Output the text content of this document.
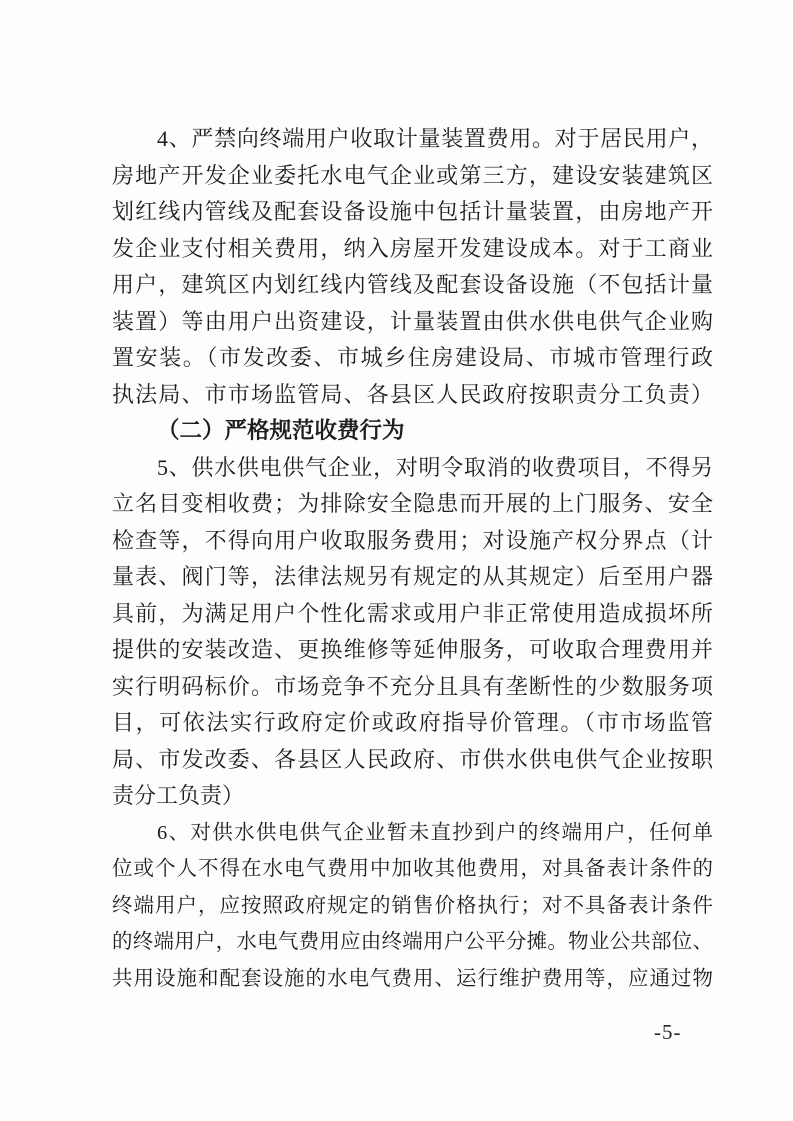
4、严禁向终端用户收取计量装置费用。对于居民用户，
房地产开发企业委托水电气企业或第三方，建设安装建筑区
划红线内管线及配套设备设施中包括计量装置，由房地产开
发企业支付相关费用，纳入房屋开发建设成本。对于工商业
用户，建筑区内划红线内管线及配套设备设施（不包括计量
装置）等由用户出资建设，计量装置由供水供电供气企业购
置安装。（市发改委、市城乡住房建设局、市城市管理行政
执法局、市市场监管局、各县区人民政府按职责分工负责）
（二）严格规范收费行为
5、供水供电供气企业，对明令取消的收费项目，不得另
立名目变相收费；为排除安全隐患而开展的上门服务、安全
检查等，不得向用户收取服务费用；对设施产权分界点（计
量表、阀门等，法律法规另有规定的从其规定）后至用户器
具前，为满足用户个性化需求或用户非正常使用造成损坏所
提供的安装改造、更换维修等延伸服务，可收取合理费用并
实行明码标价。市场竞争不充分且具有垄断性的少数服务项
目，可依法实行政府定价或政府指导价管理。（市市场监管
局、市发改委、各县区人民政府、市供水供电供气企业按职
责分工负责）
6、对供水供电供气企业暂未直抄到户的终端用户，任何单
位或个人不得在水电气费用中加收其他费用，对具备表计条件的
终端用户，应按照政府规定的销售价格执行；对不具备表计条件
的终端用户，水电气费用应由终端用户公平分摊。物业公共部位、
共用设施和配套设施的水电气费用、运行维护费用等，应通过物
-5-
